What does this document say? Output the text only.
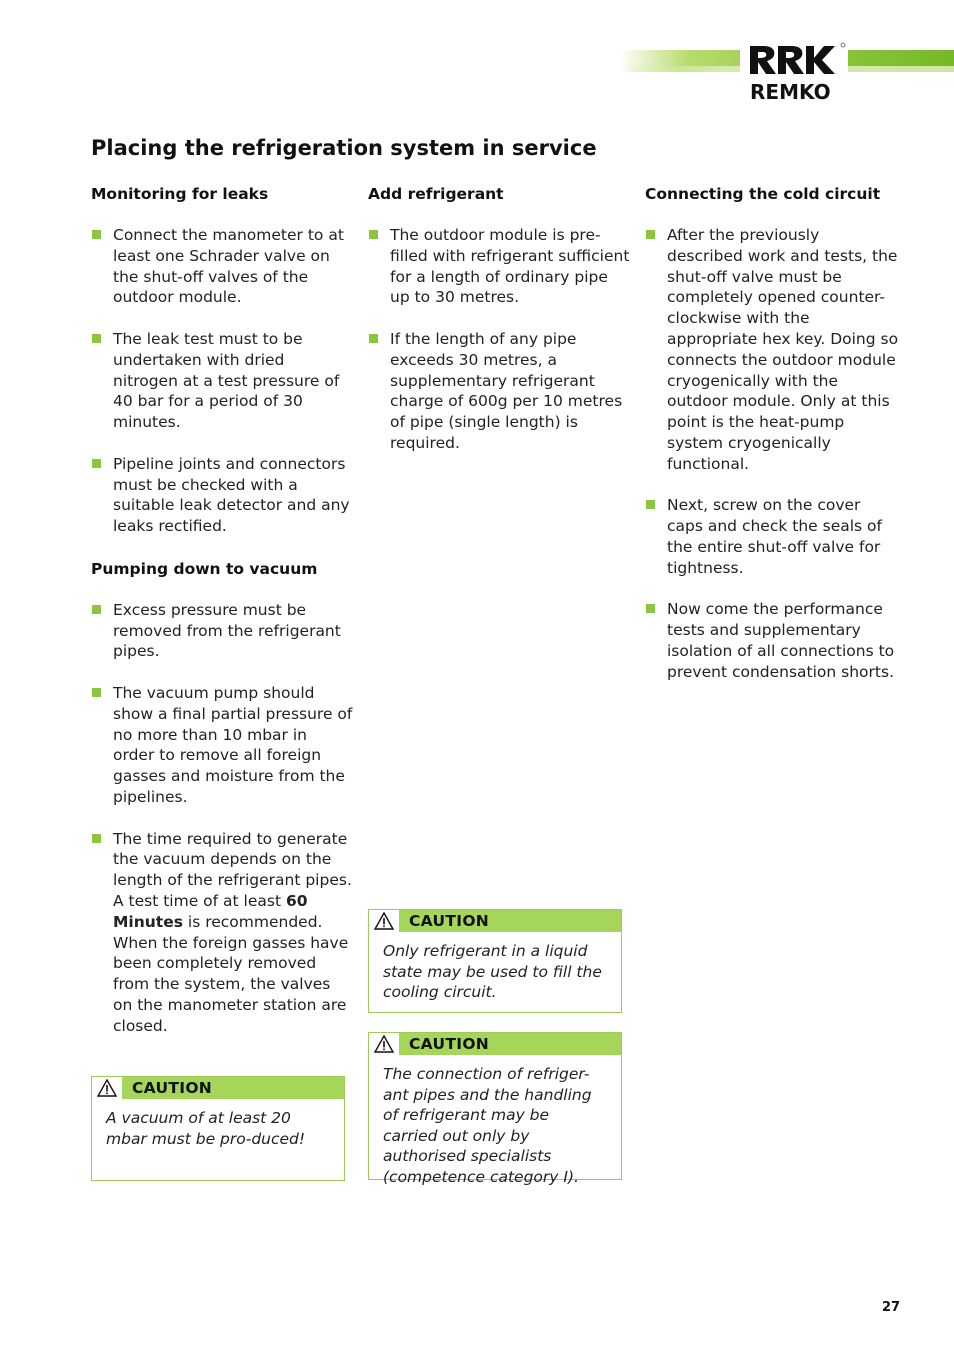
REMKO
Placing the refrigeration system in service
Monitoring for leaks
Connect the manometer to at least one Schrader valve on the shut-off valves of the outdoor module.
The leak test must to be undertaken with dried nitrogen at a test pressure of 40 bar for a period of 30 minutes.
Pipeline joints and connectors must be checked with a suitable leak detector and any leaks rectified.
Pumping down to vacuum
Excess pressure must be removed from the refrigerant pipes.
The vacuum pump should show a final partial pressure of no more than 10 mbar in order to remove all foreign gasses and moisture from the pipelines.
The time required to generate the vacuum depends on the length of the refrigerant pipes. A test time of at least 60 Minutes is recommended. When the foreign gasses have been completely removed from the system, the valves on the manometer station are closed.
Add refrigerant
The outdoor module is pre-filled with refrigerant sufficient for a length of ordinary pipe up to 30 metres.
If the length of any pipe exceeds 30 metres, a supplementary refrigerant charge of 600g per 10 metres of pipe (single length) is required.
Connecting the cold circuit
After the previously described work and tests, the shut-off valve must be completely opened counter-clockwise with the appropriate hex key. Doing so connects the outdoor module cryogenically with the outdoor module. Only at this point is the heat-pump system cryogenically functional.
Next, screw on the cover caps and check the seals of the entire shut-off valve for tightness.
Now come the performance tests and supplementary isolation of all connections to prevent condensation shorts.
CAUTION
Only refrigerant in a liquid state may be used to fill the cooling circuit.
CAUTION
The connection of refriger-ant pipes and the handling of refrigerant may be carried out only by authorised specialists (competence category I).
CAUTION
A vacuum of at least 20 mbar must be pro-duced!
27
